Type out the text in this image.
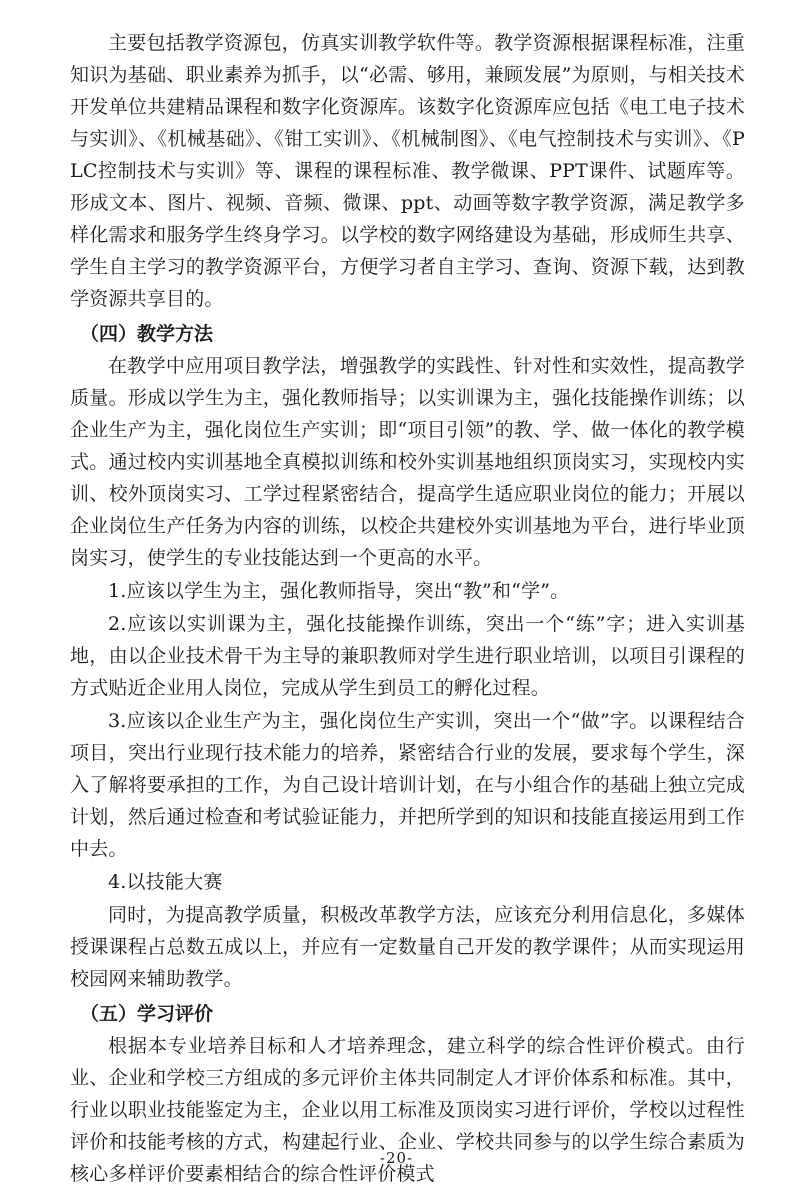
主要包括教学资源包，仿真实训教学软件等。教学资源根据课程标准，注重知识为基础、职业素养为抓手，以“必需、够用，兼顾发展”为原则，与相关技术开发单位共建精品课程和数字化资源库。该数字化资源库应包括《电工电子技术与实训》、《机械基础》、《钳工实训》、《机械制图》、《电气控制技术与实训》、《PLC控制技术与实训》等、课程的课程标准、教学微课、PPT课件、试题库等。形成文本、图片、视频、音频、微课、ppt、动画等数字教学资源，满足教学多样化需求和服务学生终身学习。以学校的数字网络建设为基础，形成师生共享、学生自主学习的教学资源平台，方便学习者自主学习、查询、资源下载，达到教学资源共享目的。

（四）教学方法

在教学中应用项目教学法，增强教学的实践性、针对性和实效性，提高教学质量。形成以学生为主，强化教师指导；以实训课为主，强化技能操作训练；以企业生产为主，强化岗位生产实训；即“项目引领”的教、学、做一体化的教学模式。通过校内实训基地全真模拟训练和校外实训基地组织顶岗实习，实现校内实训、校外顶岗实习、工学过程紧密结合，提高学生适应职业岗位的能力；开展以企业岗位生产任务为内容的训练，以校企共建校外实训基地为平台，进行毕业顶岗实习，使学生的专业技能达到一个更高的水平。

1.应该以学生为主，强化教师指导，突出“教”和“学”。

2.应该以实训课为主，强化技能操作训练，突出一个“练”字；进入实训基地，由以企业技术骨干为主导的兼职教师对学生进行职业培训，以项目引课程的方式贴近企业用人岗位，完成从学生到员工的孵化过程。

3.应该以企业生产为主，强化岗位生产实训，突出一个“做”字。以课程结合项目，突出行业现行技术能力的培养，紧密结合行业的发展，要求每个学生，深入了解将要承担的工作，为自己设计培训计划，在与小组合作的基础上独立完成计划，然后通过检查和考试验证能力，并把所学到的知识和技能直接运用到工作中去。

4.以技能大赛

同时，为提高教学质量，积极改革教学方法，应该充分利用信息化，多媒体授课课程占总数五成以上，并应有一定数量自己开发的教学课件；从而实现运用校园网来辅助教学。

（五）学习评价

根据本专业培养目标和人才培养理念，建立科学的综合性评价模式。由行业、企业和学校三方组成的多元评价主体共同制定人才评价体系和标准。其中，行业以职业技能鉴定为主，企业以用工标准及顶岗实习进行评价，学校以过程性评价和技能考核的方式，构建起行业、企业、学校共同参与的以学生综合素质为核心多样评价要素相结合的综合性评价模式

-20-
